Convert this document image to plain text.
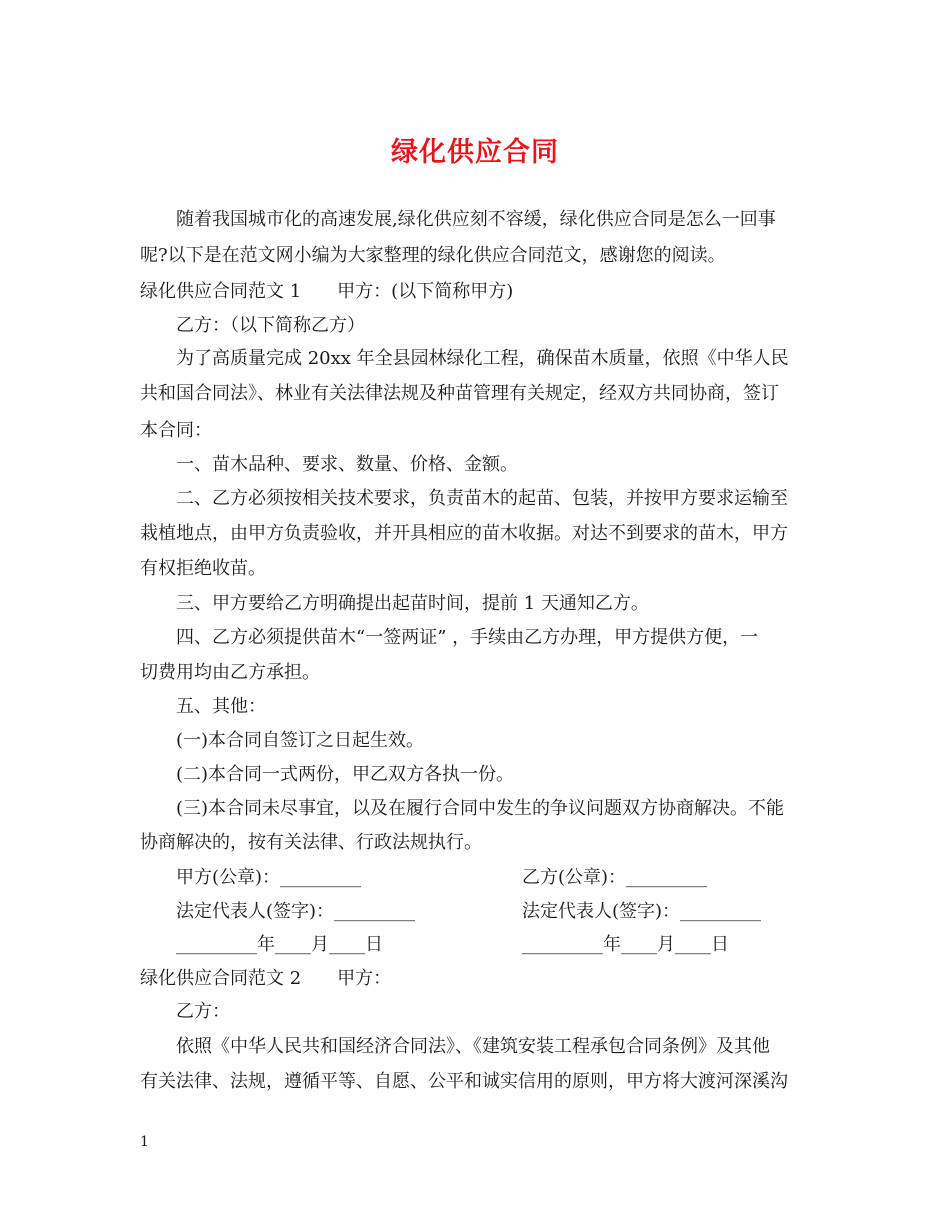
绿化供应合同
随着我国城市化的高速发展,绿化供应刻不容缓，绿化供应合同是怎么一回事
呢?以下是在范文网小编为大家整理的绿化供应合同范文，感谢您的阅读。
绿化供应合同范文 1　　甲方：(以下简称甲方)
乙方：（以下简称乙方）
为了高质量完成 20xx 年全县园林绿化工程，确保苗木质量，依照《中华人民
共和国合同法》、林业有关法律法规及种苗管理有关规定，经双方共同协商，签订
本合同：
一、苗木品种、要求、数量、价格、金额。
二、乙方必须按相关技术要求，负责苗木的起苗、包装，并按甲方要求运输至
栽植地点，由甲方负责验收，并开具相应的苗木收据。对达不到要求的苗木，甲方
有权拒绝收苗。
三、甲方要给乙方明确提出起苗时间，提前 1 天通知乙方。
四、乙方必须提供苗木“一签两证” ，手续由乙方办理，甲方提供方便，一
切费用均由乙方承担。
五、其他：
(一)本合同自签订之日起生效。
(二)本合同一式两份，甲乙双方各执一份。
(三)本合同未尽事宜，以及在履行合同中发生的争议问题双方协商解决。不能
协商解决的，按有关法律、行政法规执行。
甲方(公章)：_________	乙方(公章)：_________
法定代表人(签字)：_________	法定代表人(签字)：_________
_________年____月____日	_________年____月____日
绿化供应合同范文 2　　甲方：
乙方：
依照《中华人民共和国经济合同法》、《建筑安装工程承包合同条例》及其他
有关法律、法规，遵循平等、自愿、公平和诚实信用的原则，甲方将大渡河深溪沟
1
